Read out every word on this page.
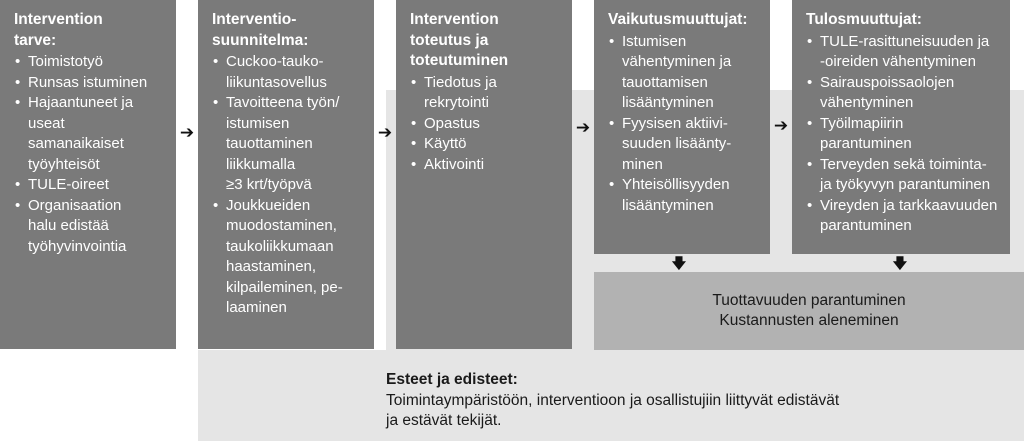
Intervention
tarve:
• Toimistotyö
• Runsas istuminen
• Hajaantuneet ja
useat
samanaikaiset
työyhteisöt
• TULE-oireet
• Organisaation
halu edistää
työhyvinvointia
Interventio-
suunnitelma:
• Cuckoo-tauko-
liikuntasovellus
• Tavoitteena työn/
istumisen
tauottaminen
liikkumalla
≥3 krt/työpvä
• Joukkueiden
muodostaminen,
taukoliikkumaan
haastaminen,
kilpaileminen, pe-
laaminen
Intervention
toteutus ja
toteutuminen
• Tiedotus ja
rekrytointi
• Opastus
• Käyttö
• Aktivointi
Vaikutusmuuttujat:
• Istumisen
vähentyminen ja
tauottamisen
lisääntyminen
• Fyysisen aktiivi-
suuden lisäänty-
minen
• Yhteisöllisyyden
lisääntyminen
Tulosmuuttujat:
• TULE-rasittuneisuuden ja
-oireiden vähentyminen
• Sairauspoissaolojen
vähentyminen
• Työilmapiirin
parantuminen
• Terveyden sekä toiminta-
ja työkyvyn parantuminen
• Vireyden ja tarkkaavuuden
parantuminen
➔	➔	➔	➔
🡇	🡇
Tuottavuuden parantuminen
Kustannusten aleneminen
Esteet ja edisteet:
Toimintaympäristöön, interventioon ja osallistujiin liittyvät edistävät
ja estävät tekijät.
